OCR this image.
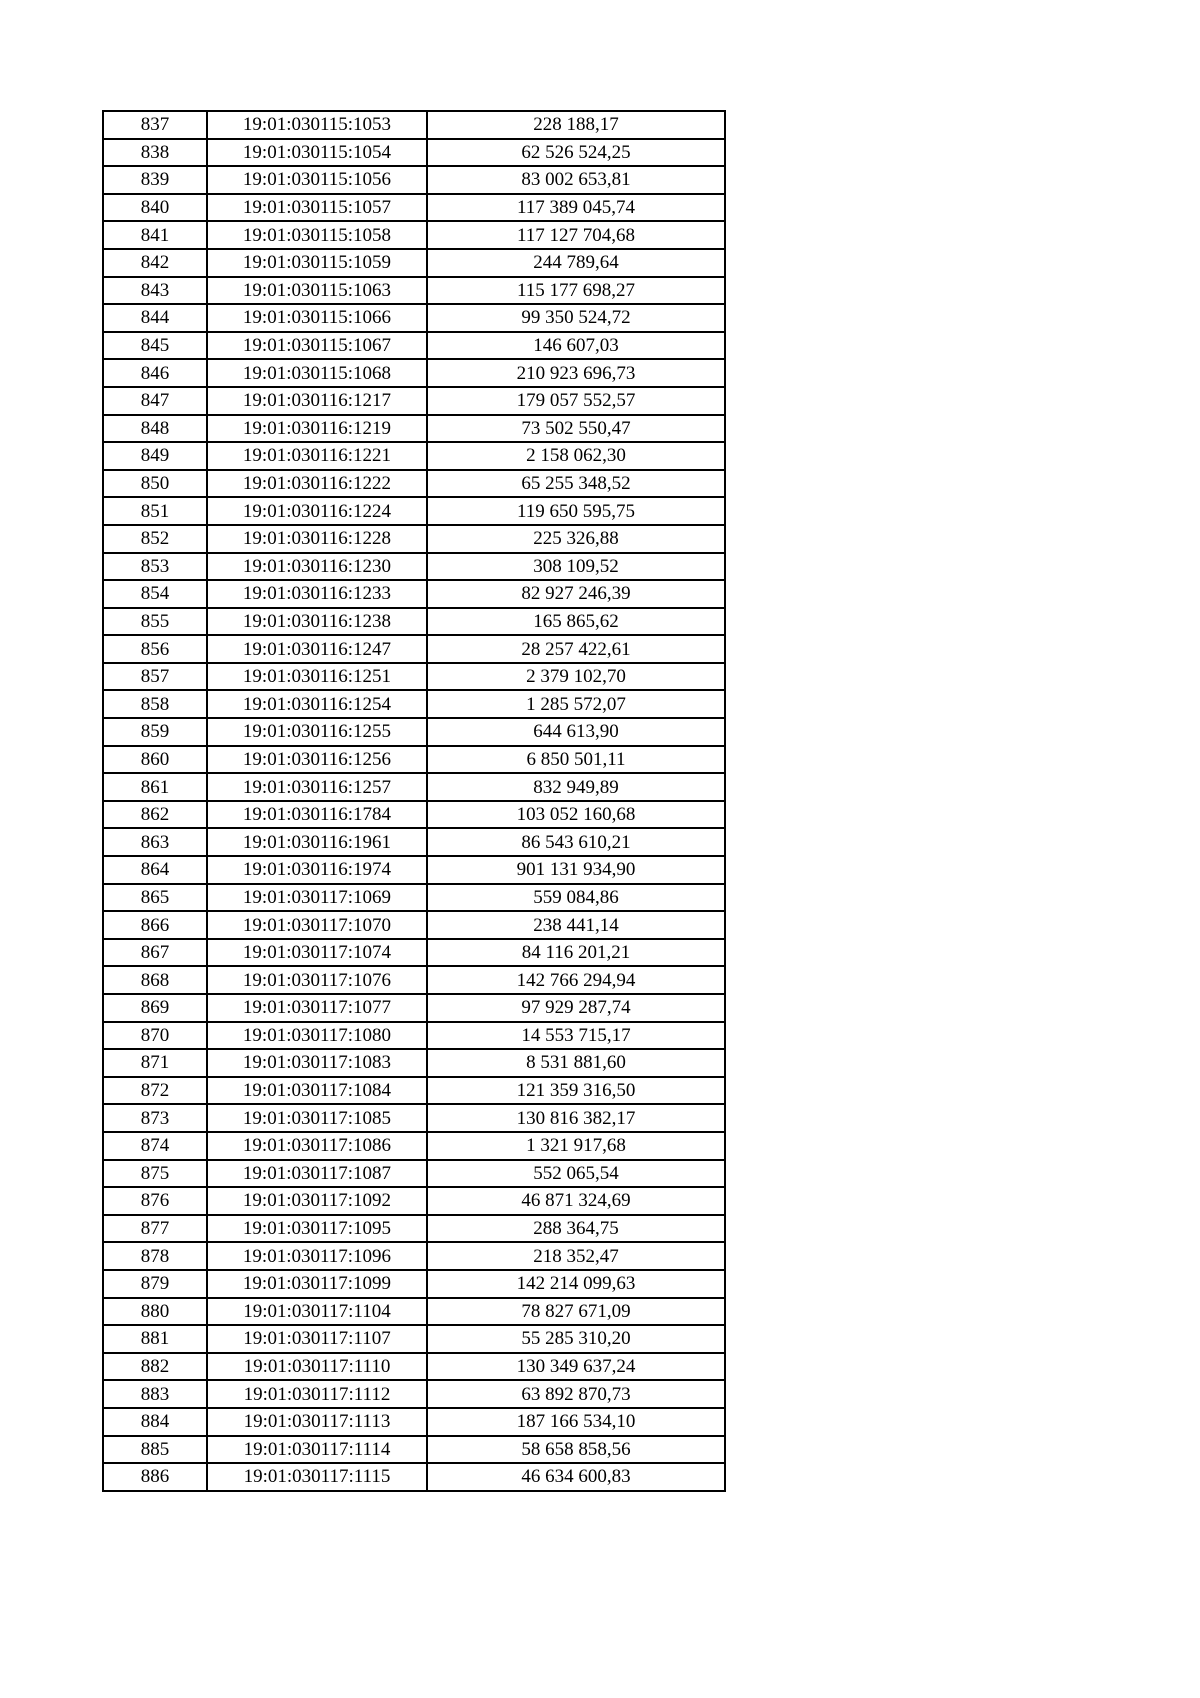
837	19:01:030115:1053	228 188,17
838	19:01:030115:1054	62 526 524,25
839	19:01:030115:1056	83 002 653,81
840	19:01:030115:1057	117 389 045,74
841	19:01:030115:1058	117 127 704,68
842	19:01:030115:1059	244 789,64
843	19:01:030115:1063	115 177 698,27
844	19:01:030115:1066	99 350 524,72
845	19:01:030115:1067	146 607,03
846	19:01:030115:1068	210 923 696,73
847	19:01:030116:1217	179 057 552,57
848	19:01:030116:1219	73 502 550,47
849	19:01:030116:1221	2 158 062,30
850	19:01:030116:1222	65 255 348,52
851	19:01:030116:1224	119 650 595,75
852	19:01:030116:1228	225 326,88
853	19:01:030116:1230	308 109,52
854	19:01:030116:1233	82 927 246,39
855	19:01:030116:1238	165 865,62
856	19:01:030116:1247	28 257 422,61
857	19:01:030116:1251	2 379 102,70
858	19:01:030116:1254	1 285 572,07
859	19:01:030116:1255	644 613,90
860	19:01:030116:1256	6 850 501,11
861	19:01:030116:1257	832 949,89
862	19:01:030116:1784	103 052 160,68
863	19:01:030116:1961	86 543 610,21
864	19:01:030116:1974	901 131 934,90
865	19:01:030117:1069	559 084,86
866	19:01:030117:1070	238 441,14
867	19:01:030117:1074	84 116 201,21
868	19:01:030117:1076	142 766 294,94
869	19:01:030117:1077	97 929 287,74
870	19:01:030117:1080	14 553 715,17
871	19:01:030117:1083	8 531 881,60
872	19:01:030117:1084	121 359 316,50
873	19:01:030117:1085	130 816 382,17
874	19:01:030117:1086	1 321 917,68
875	19:01:030117:1087	552 065,54
876	19:01:030117:1092	46 871 324,69
877	19:01:030117:1095	288 364,75
878	19:01:030117:1096	218 352,47
879	19:01:030117:1099	142 214 099,63
880	19:01:030117:1104	78 827 671,09
881	19:01:030117:1107	55 285 310,20
882	19:01:030117:1110	130 349 637,24
883	19:01:030117:1112	63 892 870,73
884	19:01:030117:1113	187 166 534,10
885	19:01:030117:1114	58 658 858,56
886	19:01:030117:1115	46 634 600,83
